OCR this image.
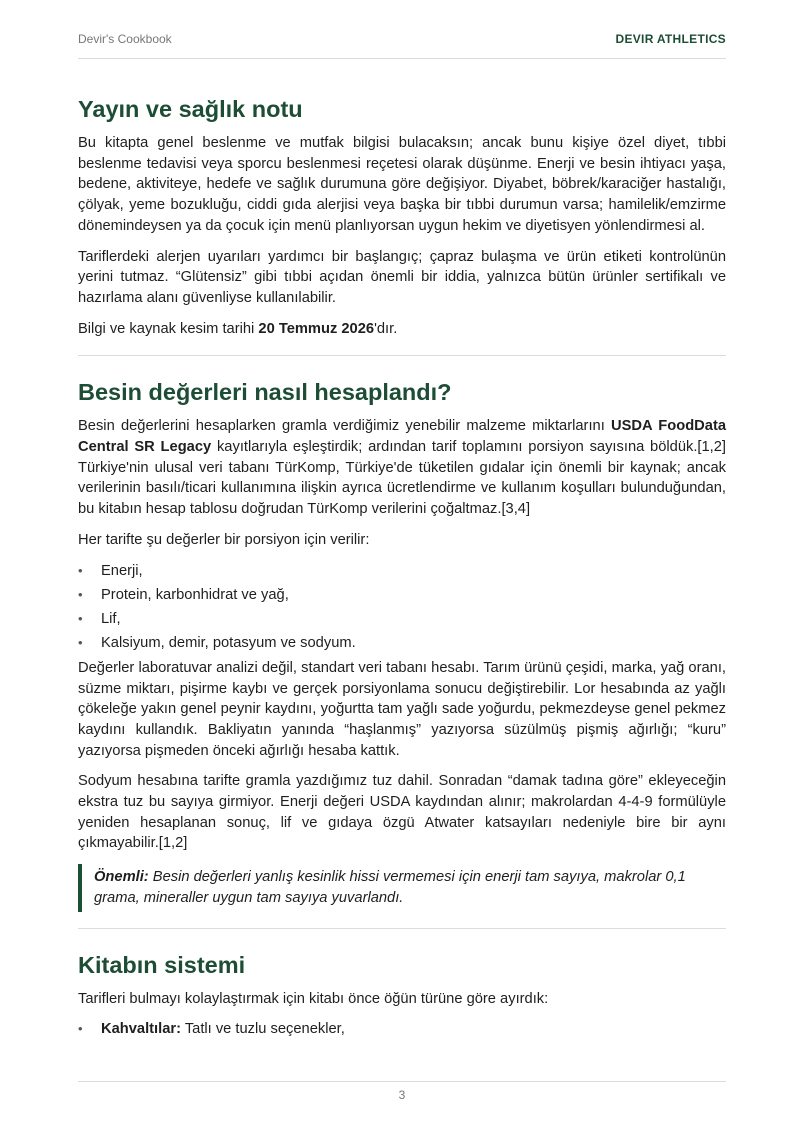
Devir's Cookbook	DEVIR ATHLETICS
Yayın ve sağlık notu

Bu kitapta genel beslenme ve mutfak bilgisi bulacaksın; ancak bunu kişiye özel diyet, tıbbi beslenme tedavisi veya sporcu beslenmesi reçetesi olarak düşünme. Enerji ve besin ihtiyacı yaşa, bedene, aktiviteye, hedefe ve sağlık durumuna göre değişiyor. Diyabet, böbrek/karaciğer hastalığı, çölyak, yeme bozukluğu, ciddi gıda alerjisi veya başka bir tıbbi durumun varsa; hamilelik/emzirme dönemindeysen ya da çocuk için menü planlıyorsan uygun hekim ve diyetisyen yönlendirmesi al.

Tariflerdeki alerjen uyarıları yardımcı bir başlangıç; çapraz bulaşma ve ürün etiketi kontrolünün yerini tutmaz. “Glütensiz” gibi tıbbi açıdan önemli bir iddia, yalnızca bütün ürünler sertifikalı ve hazırlama alanı güvenliyse kullanılabilir.

Bilgi ve kaynak kesim tarihi 20 Temmuz 2026'dır.

Besin değerleri nasıl hesaplandı?

Besin değerlerini hesaplarken gramla verdiğimiz yenebilir malzeme miktarlarını USDA FoodData Central SR Legacy kayıtlarıyla eşleştirdik; ardından tarif toplamını porsiyon sayısına böldük.[1,2] Türkiye'nin ulusal veri tabanı TürKomp, Türkiye'de tüketilen gıdalar için önemli bir kaynak; ancak verilerinin basılı/ticari kullanımına ilişkin ayrıca ücretlendirme ve kullanım koşulları bulunduğundan, bu kitabın hesap tablosu doğrudan TürKomp verilerini çoğaltmaz.[3,4]

Her tarifte şu değerler bir porsiyon için verilir:

• Enerji,
• Protein, karbonhidrat ve yağ,
• Lif,
• Kalsiyum, demir, potasyum ve sodyum.

Değerler laboratuvar analizi değil, standart veri tabanı hesabı. Tarım ürünü çeşidi, marka, yağ oranı, süzme miktarı, pişirme kaybı ve gerçek porsiyonlama sonucu değiştirebilir. Lor hesabında az yağlı çökeleğe yakın genel peynir kaydını, yoğurtta tam yağlı sade yoğurdu, pekmezdeyse genel pekmez kaydını kullandık. Bakliyatın yanında “haşlanmış” yazıyorsa süzülmüş pişmiş ağırlığı; “kuru” yazıyorsa pişmeden önceki ağırlığı hesaba kattık.

Sodyum hesabına tarifte gramla yazdığımız tuz dahil. Sonradan “damak tadına göre” ekleyeceğin ekstra tuz bu sayıya girmiyor. Enerji değeri USDA kaydından alınır; makrolardan 4-4-9 formülüyle yeniden hesaplanan sonuç, lif ve gıdaya özgü Atwater katsayıları nedeniyle bire bir aynı çıkmayabilir.[1,2]

Önemli: Besin değerleri yanlış kesinlik hissi vermemesi için enerji tam sayıya, makrolar 0,1 grama, mineraller uygun tam sayıya yuvarlandı.
Kitabın sistemi

Tarifleri bulmayı kolaylaştırmak için kitabı önce öğün türüne göre ayırdık:

• Kahvaltılar: Tatlı ve tuzlu seçenekler,
3
